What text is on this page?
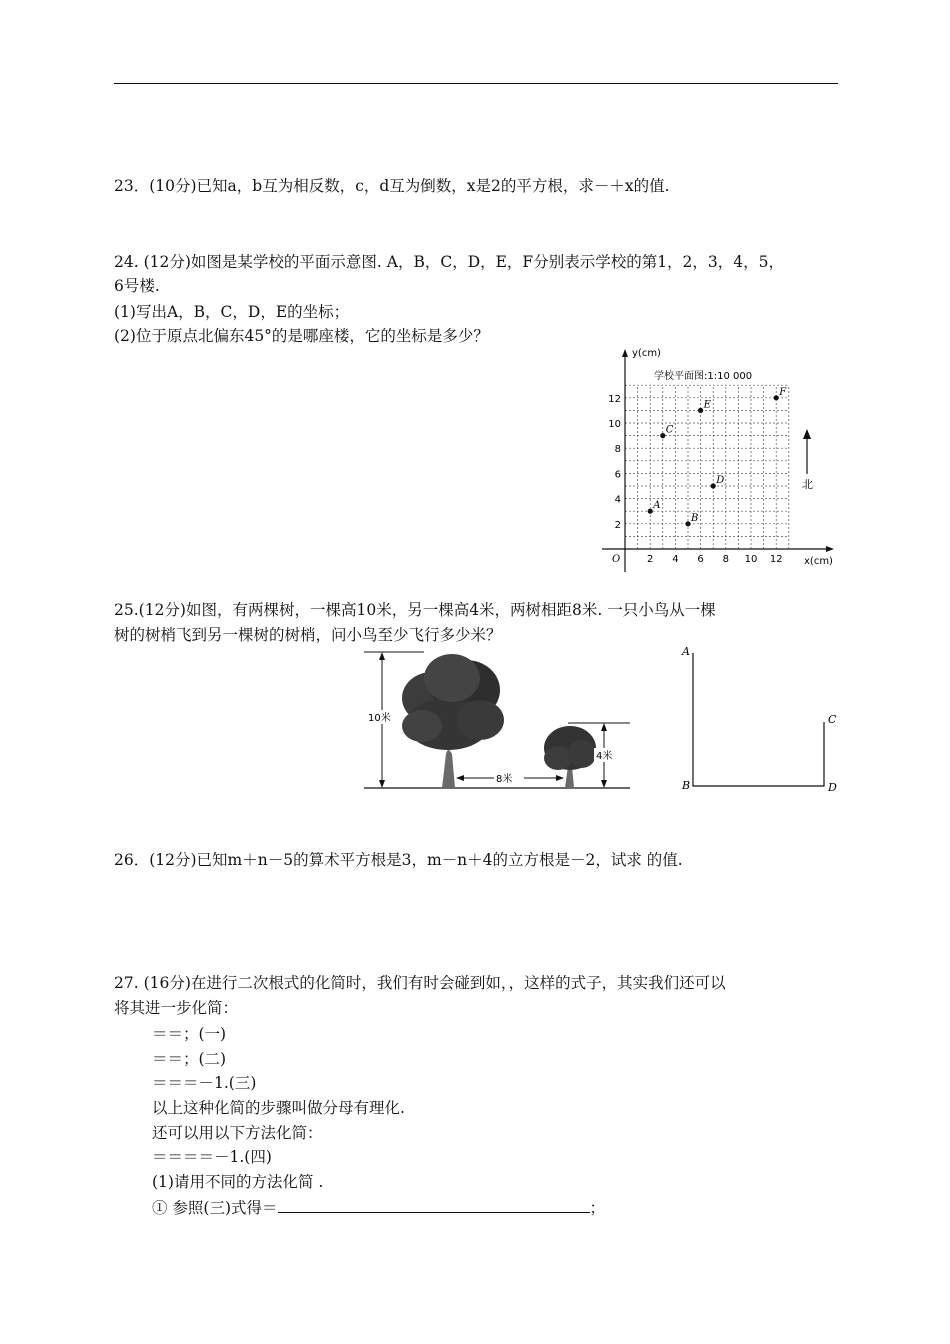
23．(10分)已知a，b互为相反数，c，d互为倒数，x是2的平方根，求－＋x的值.
24. (12分)如图是某学校的平面示意图. A，B，C，D，E，F分别表示学校的第1，2，3，4，5，
6号楼.
(1)写出A，B，C，D，E的坐标；
(2)位于原点北偏东45°的是哪座楼，它的坐标是多少？
y(cm)
x(cm)
O
学校平面图:1:10 000
2 4 6 8 10 12
2
4
6
8
10
12
A
B
C
D
E
F
北
25.(12分)如图，有两棵树，一棵高10米，另一棵高4米，两树相距8米. 一只小鸟从一棵
树的树梢飞到另一棵树的树梢，问小鸟至少飞行多少米？
10米
4米
8米
A
B
C
D
26．(12分)已知m＋n－5的算术平方根是3，m－n＋4的立方根是－2，试求 的值.
27. (16分)在进行二次根式的化简时，我们有时会碰到如，，这样的式子，其实我们还可以
将其进一步化简：
＝＝；(一)
＝＝；(二)
＝＝＝－1.(三)
以上这种化简的步骤叫做分母有理化.
还可以用以下方法化简：
＝＝＝＝－1.(四)
(1)请用不同的方法化简 .
① 参照(三)式得＝	；
